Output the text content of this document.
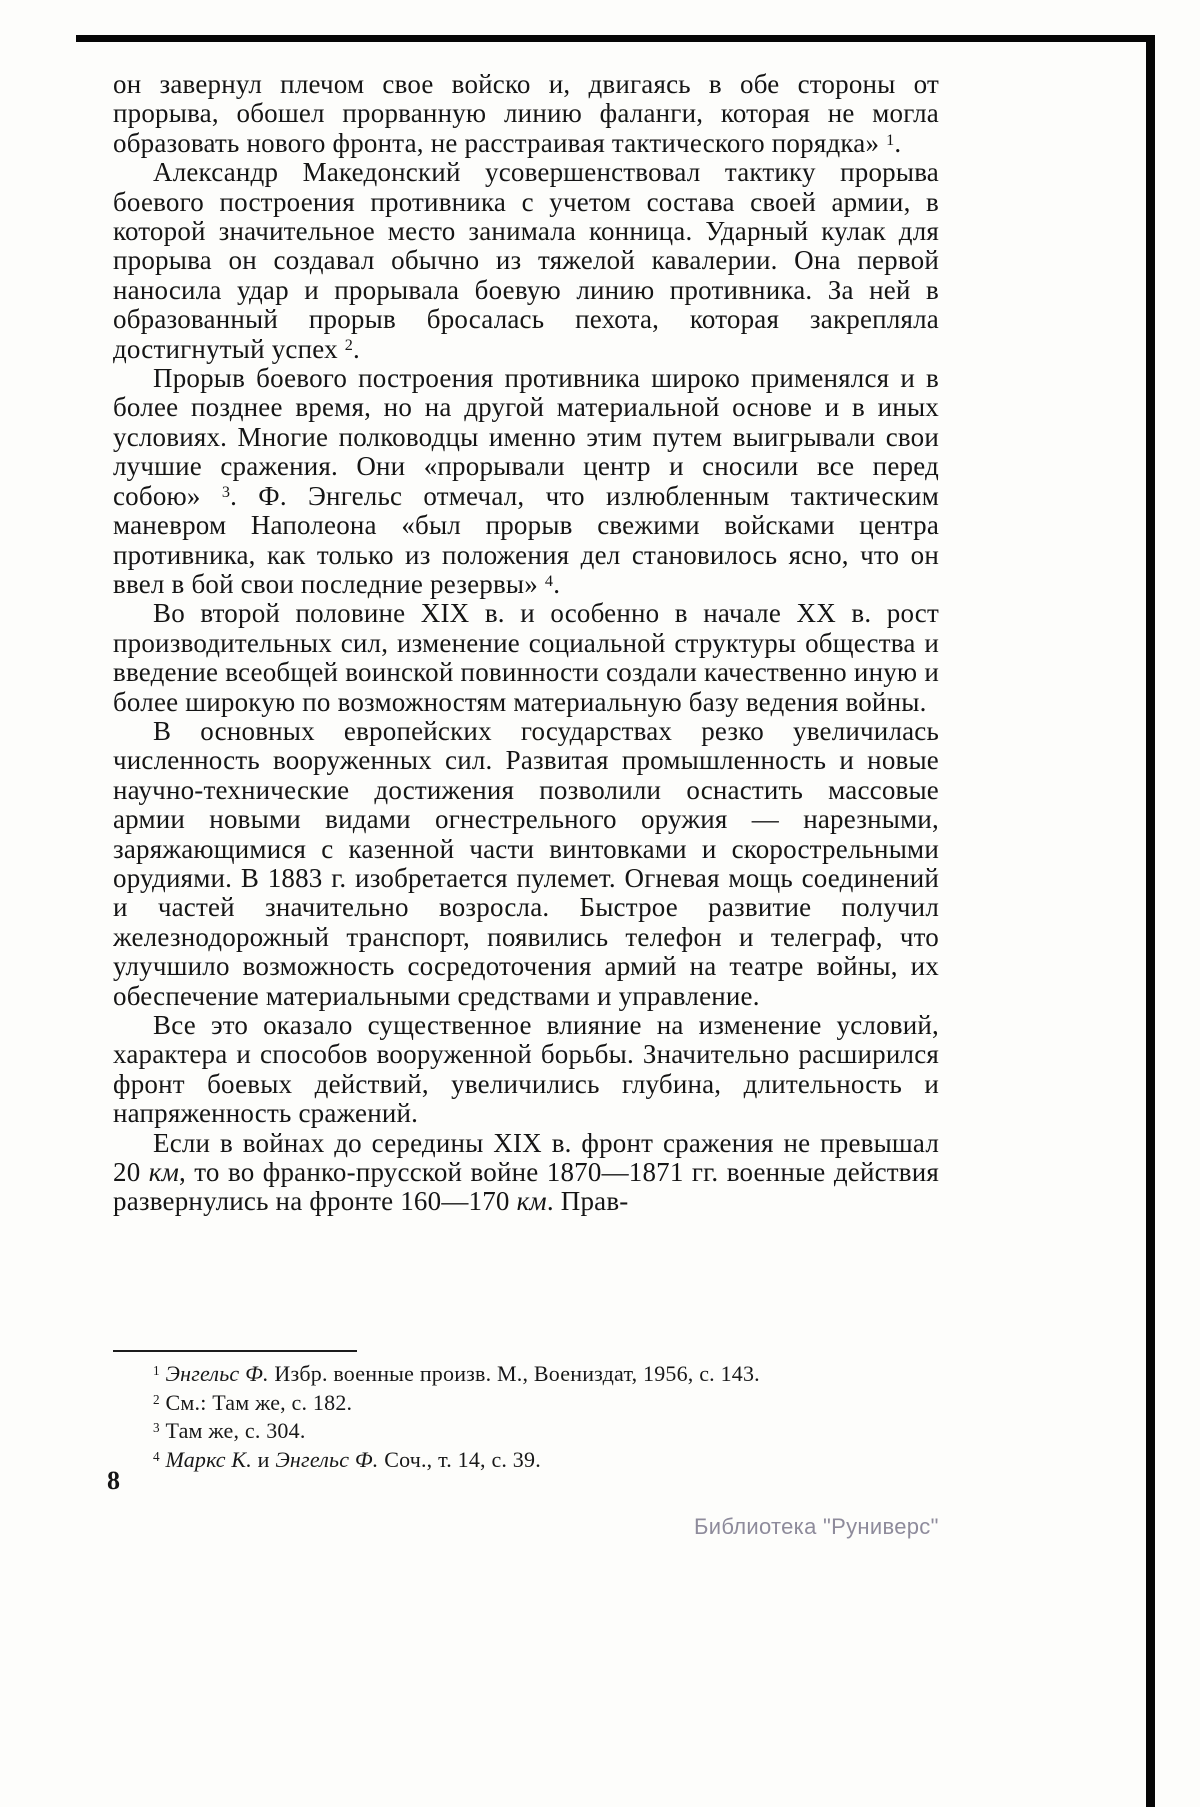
он завернул плечом свое войско и, двигаясь в обе стороны от прорыва, обошел прорванную линию фаланги, которая не могла образовать нового фронта, не расстраивая тактического порядка» $^1$.

Александр Македонский усовершенствовал тактику прорыва боевого построения противника с учетом состава своей армии, в которой значительное место занимала конница. Ударный кулак для прорыва он создавал обычно из тяжелой кавалерии. Она первой наносила удар и прорывала боевую линию противника. За ней в образованный прорыв бросалась пехота, которая закрепляла достигнутый успех $^2$.

Прорыв боевого построения противника широко применялся и в более позднее время, но на другой материальной основе и в иных условиях. Многие полководцы именно этим путем выигрывали свои лучшие сражения. Они «прорывали центр и сносили все перед собою» $^3$. Ф. Энгельс отмечал, что излюбленным тактическим маневром Наполеона «был прорыв свежими войсками центра противника, как только из положения дел становилось ясно, что он ввел в бой свои последние резервы» $^4$.

Во второй половине XIX в. и особенно в начале XX в. рост производительных сил, изменение социальной структуры общества и введение всеобщей воинской повинности создали качественно иную и более широкую по возможностям материальную базу ведения войны.

В основных европейских государствах резко увеличилась численность вооруженных сил. Развитая промышленность и новые научно-технические достижения позволили оснастить массовые армии новыми видами огнестрельного оружия — нарезными, заряжающимися с казенной части винтовками и скорострельными орудиями. В 1883 г. изобретается пулемет. Огневая мощь соединений и частей значительно возросла. Быстрое развитие получил железнодорожный транспорт, появились телефон и телеграф, что улучшило возможность сосредоточения армий на театре войны, их обеспечение материальными средствами и управление.

Все это оказало существенное влияние на изменение условий, характера и способов вооруженной борьбы. Значительно расширился фронт боевых действий, увеличились глубина, длительность и напряженность сражений.

Если в войнах до середины XIX в. фронт сражения не превышал 20 км, то во франко-прусской войне 1870—1871 гг. военные действия развернулись на фронте 160—170 км. Прав-

$^1$ Энгельс Ф. Избр. военные произв. М., Воениздат, 1956, с. 143.

$^2$ См.: Там же, с. 182.

$^3$ Там же, с. 304.

$^4$ Маркс К. и Энгельс Ф. Соч., т. 14, с. 39.

8
Библиотека "Руниверс"
